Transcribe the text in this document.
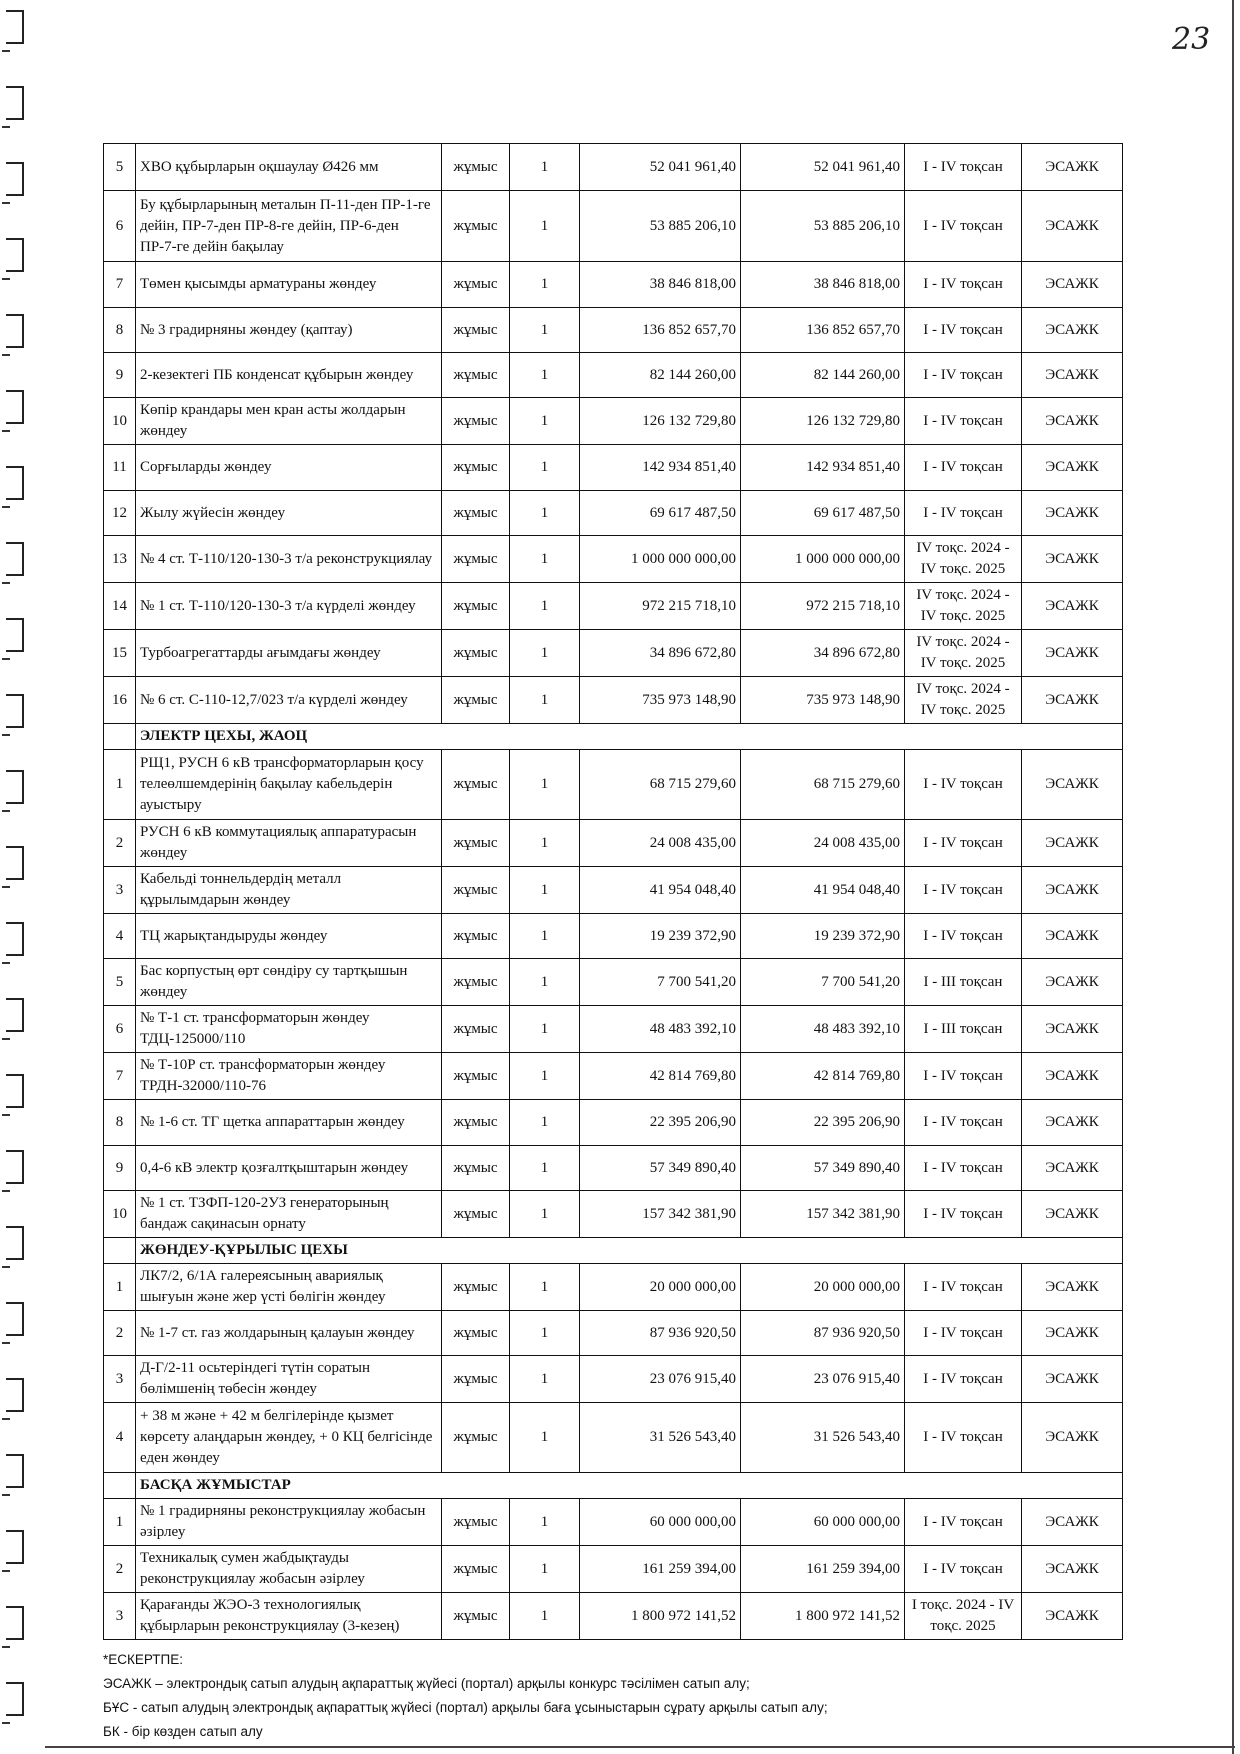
23
5	ХВО құбырларын оқшаулау Ø426 мм	жұмыс	1	52 041 961,40	52 041 961,40	I - IV тоқсан	ЭСАЖК
6	Бу құбырларының металын П-11-ден ПР-1-ге дейін, ПР-7-ден ПР-8-ге дейін, ПР-6-ден ПР-7-ге дейін бақылау	жұмыс	1	53 885 206,10	53 885 206,10	I - IV тоқсан	ЭСАЖК
7	Төмен қысымды арматураны жөндеу	жұмыс	1	38 846 818,00	38 846 818,00	I - IV тоқсан	ЭСАЖК
8	№ 3 градирняны жөндеу (қаптау)	жұмыс	1	136 852 657,70	136 852 657,70	I - IV тоқсан	ЭСАЖК
9	2-кезектегі ПБ конденсат құбырын жөндеу	жұмыс	1	82 144 260,00	82 144 260,00	I - IV тоқсан	ЭСАЖК
10	Көпір крандары мен кран асты жолдарын жөндеу	жұмыс	1	126 132 729,80	126 132 729,80	I - IV тоқсан	ЭСАЖК
11	Сорғыларды жөндеу	жұмыс	1	142 934 851,40	142 934 851,40	I - IV тоқсан	ЭСАЖК
12	Жылу жүйесін жөндеу	жұмыс	1	69 617 487,50	69 617 487,50	I - IV тоқсан	ЭСАЖК
13	№ 4 ст. Т-110/120-130-3 т/а реконструкциялау	жұмыс	1	1 000 000 000,00	1 000 000 000,00	IV тоқс. 2024 - IV тоқс. 2025	ЭСАЖК
14	№ 1 ст. Т-110/120-130-3 т/а күрделі жөндеу	жұмыс	1	972 215 718,10	972 215 718,10	IV тоқс. 2024 - IV тоқс. 2025	ЭСАЖК
15	Турбоагрегаттарды ағымдағы жөндеу	жұмыс	1	34 896 672,80	34 896 672,80	IV тоқс. 2024 - IV тоқс. 2025	ЭСАЖК
16	№ 6 ст. С-110-12,7/023 т/а күрделі жөндеу	жұмыс	1	735 973 148,90	735 973 148,90	IV тоқс. 2024 - IV тоқс. 2025	ЭСАЖК
	ЭЛЕКТР ЦЕХЫ, ЖАОЦ						
1	РЩ1, РУСН 6 кВ трансформаторларын қосу телеөлшемдерінің бақылау кабельдерін ауыстыру	жұмыс	1	68 715 279,60	68 715 279,60	I - IV тоқсан	ЭСАЖК
2	РУСН 6 кВ коммутациялық аппаратурасын жөндеу	жұмыс	1	24 008 435,00	24 008 435,00	I - IV тоқсан	ЭСАЖК
3	Кабельді тоннельдердің металл құрылымдарын жөндеу	жұмыс	1	41 954 048,40	41 954 048,40	I - IV тоқсан	ЭСАЖК
4	ТЦ жарықтандыруды жөндеу	жұмыс	1	19 239 372,90	19 239 372,90	I - IV тоқсан	ЭСАЖК
5	Бас корпустың өрт сөндіру су тартқышын жөндеу	жұмыс	1	7 700 541,20	7 700 541,20	I - III тоқсан	ЭСАЖК
6	№ Т-1 ст. трансформаторын жөндеу ТДЦ-125000/110	жұмыс	1	48 483 392,10	48 483 392,10	I - III тоқсан	ЭСАЖК
7	№ Т-10Р ст. трансформаторын жөндеу ТРДН-32000/110-76	жұмыс	1	42 814 769,80	42 814 769,80	I - IV тоқсан	ЭСАЖК
8	№ 1-6 ст. ТГ щетка аппараттарын жөндеу	жұмыс	1	22 395 206,90	22 395 206,90	I - IV тоқсан	ЭСАЖК
9	0,4-6 кВ электр қозғалтқыштарын жөндеу	жұмыс	1	57 349 890,40	57 349 890,40	I - IV тоқсан	ЭСАЖК
10	№ 1 ст. ТЗФП-120-2УЗ генераторының бандаж сақинасын орнату	жұмыс	1	157 342 381,90	157 342 381,90	I - IV тоқсан	ЭСАЖК
	ЖӨНДЕУ-ҚҰРЫЛЫС ЦЕХЫ						
1	ЛК7/2, 6/1А галереясының авариялық шығуын және жер үсті бөлігін жөндеу	жұмыс	1	20 000 000,00	20 000 000,00	I - IV тоқсан	ЭСАЖК
2	№ 1-7 ст. газ жолдарының қалауын жөндеу	жұмыс	1	87 936 920,50	87 936 920,50	I - IV тоқсан	ЭСАЖК
3	Д-Г/2-11 осьтеріндегі түтін соратын бөлімшенің төбесін жөндеу	жұмыс	1	23 076 915,40	23 076 915,40	I - IV тоқсан	ЭСАЖК
4	+ 38 м және + 42 м белгілерінде қызмет көрсету алаңдарын жөндеу, + 0 КЦ белгісінде еден жөндеу	жұмыс	1	31 526 543,40	31 526 543,40	I - IV тоқсан	ЭСАЖК
	БАСҚА ЖҰМЫСТАР						
1	№ 1 градирняны реконструкциялау жобасын әзірлеу	жұмыс	1	60 000 000,00	60 000 000,00	I - IV тоқсан	ЭСАЖК
2	Техникалық сумен жабдықтауды реконструкциялау жобасын әзірлеу	жұмыс	1	161 259 394,00	161 259 394,00	I - IV тоқсан	ЭСАЖК
3	Қарағанды ЖЭО-3 технологиялық құбырларын реконструкциялау (3-кезең)	жұмыс	1	1 800 972 141,52	1 800 972 141,52	I тоқс. 2024 - IV тоқс. 2025	ЭСАЖК
*ЕСКЕРТПЕ:
ЭСАЖК – электрондық сатып алудың ақпараттық жүйесі (портал) арқылы конкурс тәсілімен сатып алу;
БҰС - сатып алудың электрондық ақпараттық жүйесі (портал) арқылы баға ұсыныстарын сұрату арқылы сатып алу;
БК - бір көзден сатып алу
